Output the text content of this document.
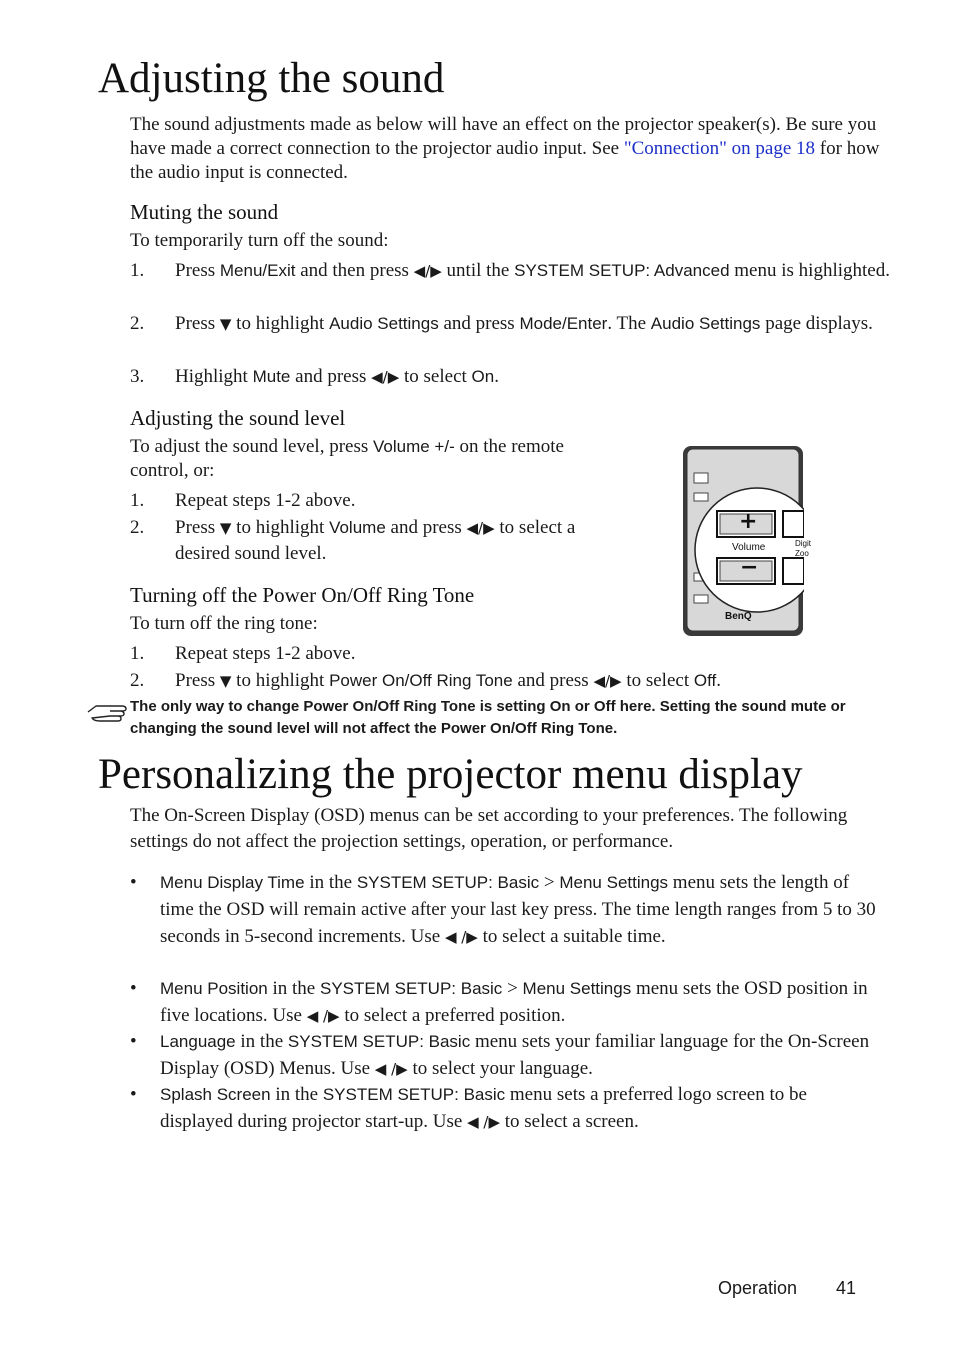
Adjusting the sound

The sound adjustments made as below will have an effect on the projector speaker(s). Be sure you have made a correct connection to the projector audio input. See "Connection" on page 18 for how the audio input is connected.

Muting the sound

To temporarily turn off the sound:

1. Press Menu/Exit and then press ◀/▶ until the SYSTEM SETUP: Advanced menu is highlighted.
2. Press ▼ to highlight Audio Settings and press Mode/Enter. The Audio Settings page displays.
3. Highlight Mute and press ◀/▶ to select On.
Adjusting the sound level

To adjust the sound level, press Volume +/- on the remote control, or:

1. Repeat steps 1-2 above.
2. Press ▼ to highlight Volume and press ◀/▶ to select a desired sound level.
+
−
Volume	Digit
Zoo
BenQ
Turning off the Power On/Off Ring Tone

To turn off the ring tone:

1. Repeat steps 1-2 above.
2. Press ▼ to highlight Power On/Off Ring Tone and press ◀/▶ to select Off.

The only way to change Power On/Off Ring Tone is setting On or Off here. Setting the sound mute or changing the sound level will not affect the Power On/Off Ring Tone.

Personalizing the projector menu display

The On-Screen Display (OSD) menus can be set according to your preferences. The following settings do not affect the projection settings, operation, or performance.

• Menu Display Time in the SYSTEM SETUP: Basic > Menu Settings menu sets the length of time the OSD will remain active after your last key press. The time length ranges from 5 to 30 seconds in 5-second increments. Use ◀ /▶ to select a suitable time.
• Menu Position in the SYSTEM SETUP: Basic > Menu Settings menu sets the OSD position in five locations. Use ◀ /▶ to select a preferred position.
• Language in the SYSTEM SETUP: Basic menu sets your familiar language for the On-Screen Display (OSD) Menus. Use ◀ /▶ to select your language.
• Splash Screen in the SYSTEM SETUP: Basic menu sets a preferred logo screen to be displayed during projector start-up. Use ◀ /▶ to select a screen.
Operation 41
